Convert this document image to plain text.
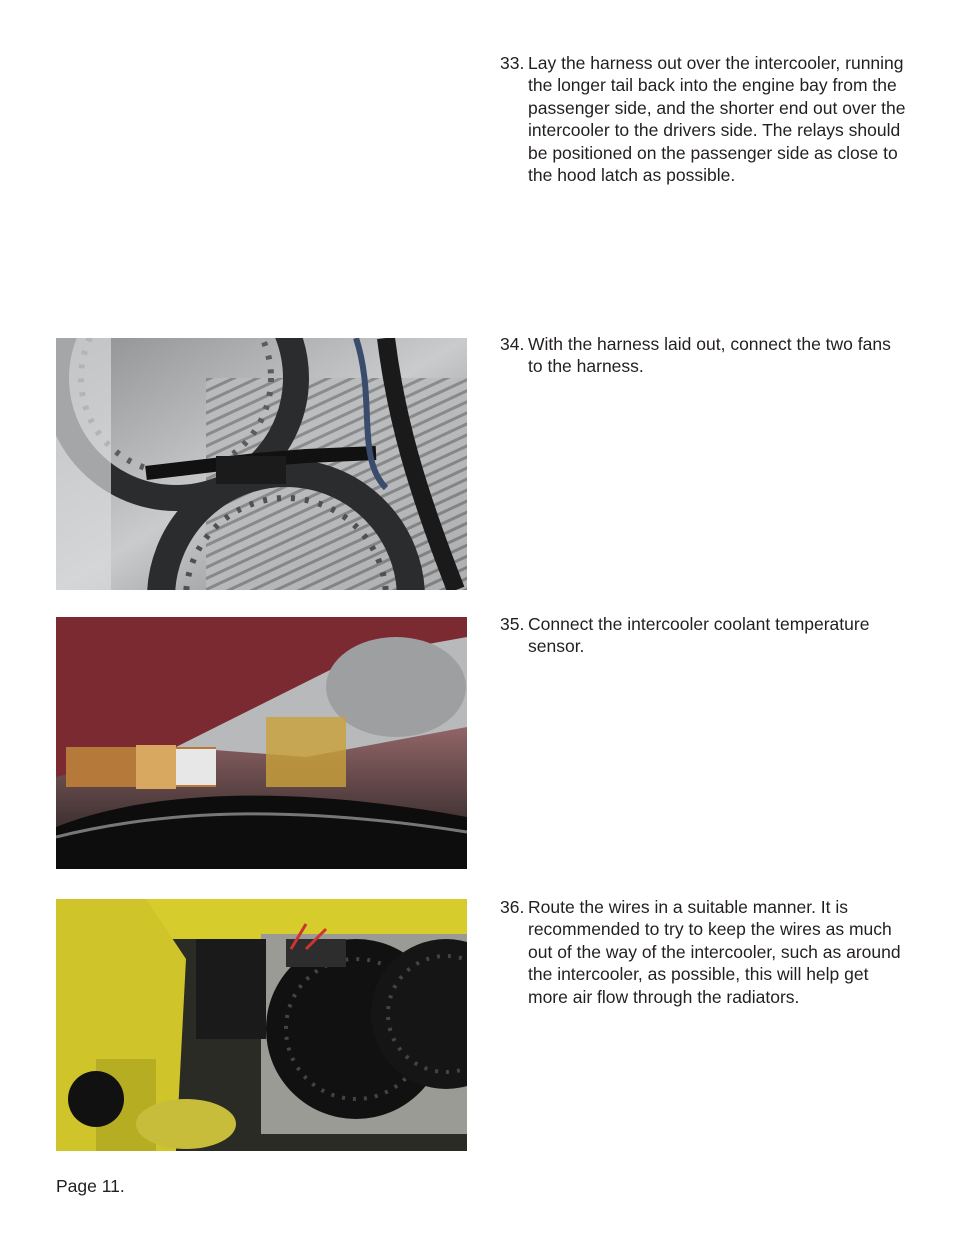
33. Lay the harness out over the intercooler, running the longer tail back into the engine bay from the passenger side, and the shorter end out over the intercooler to the drivers side. The relays should be positioned on the passenger side as close to the hood latch as possible.
34. With the harness laid out, connect the two fans to the harness.
35. Connect the intercooler coolant temperature sensor.
36. Route the wires in a suitable manner. It is recommended to try to keep the wires as much out of the way of the intercooler, such as around the intercooler, as possible, this will help get more air flow through the radiators.
Page 11.
